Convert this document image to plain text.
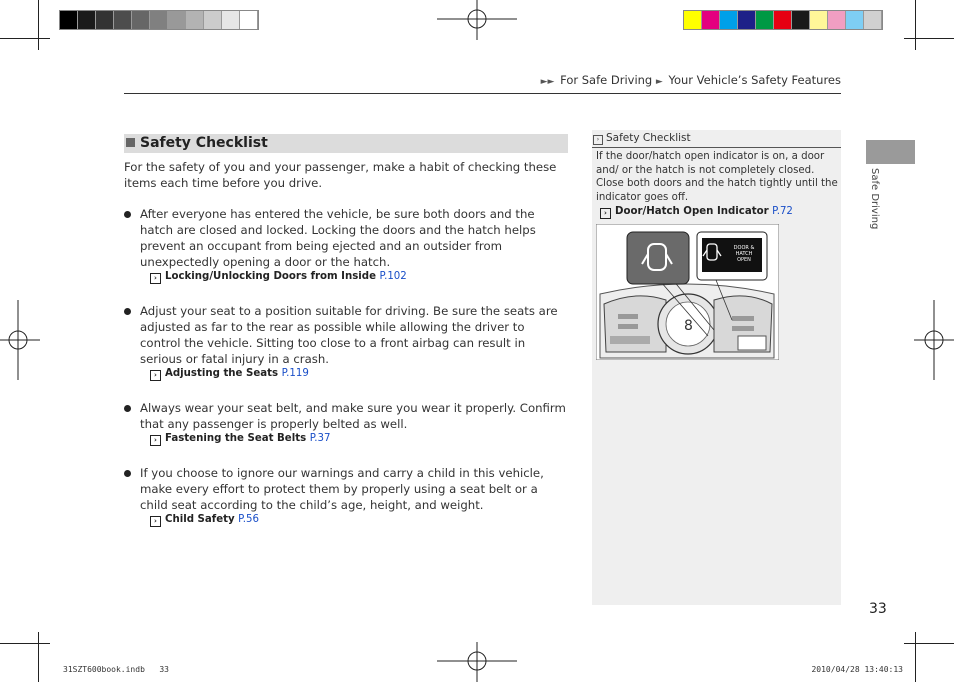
►► For Safe Driving ► Your Vehicle’s Safety Features
Safety Checklist
For the safety of you and your passenger, make a habit of checking these items each time before you drive.
After everyone has entered the vehicle, be sure both doors and the hatch are closed and locked. Locking the doors and the hatch helps prevent an occupant from being ejected and an outsider from unexpectedly opening a door or the hatch.
› Locking/Unlocking Doors from Inside P.102
Adjust your seat to a position suitable for driving. Be sure the seats are adjusted as far to the rear as possible while allowing the driver to control the vehicle. Sitting too close to a front airbag can result in serious or fatal injury in a crash.
› Adjusting the Seats P.119
Always wear your seat belt, and make sure you wear it properly. Confirm that any passenger is properly belted as well.
› Fastening the Seat Belts P.37
If you choose to ignore our warnings and carry a child in this vehicle, make every effort to protect them by properly using a seat belt or a child seat according to the child’s age, height, and weight.
› Child Safety P.56
› Safety Checklist
If the door/hatch open indicator is on, a door and/ or the hatch is not completely closed. Close both doors and the hatch tightly until the indicator goes off.
› Door/Hatch Open Indicator P.72
8
DOOR &
HATCH
OPEN
Safe Driving
33
31SZT600book.indb 33	2010/04/28 13:40:13
